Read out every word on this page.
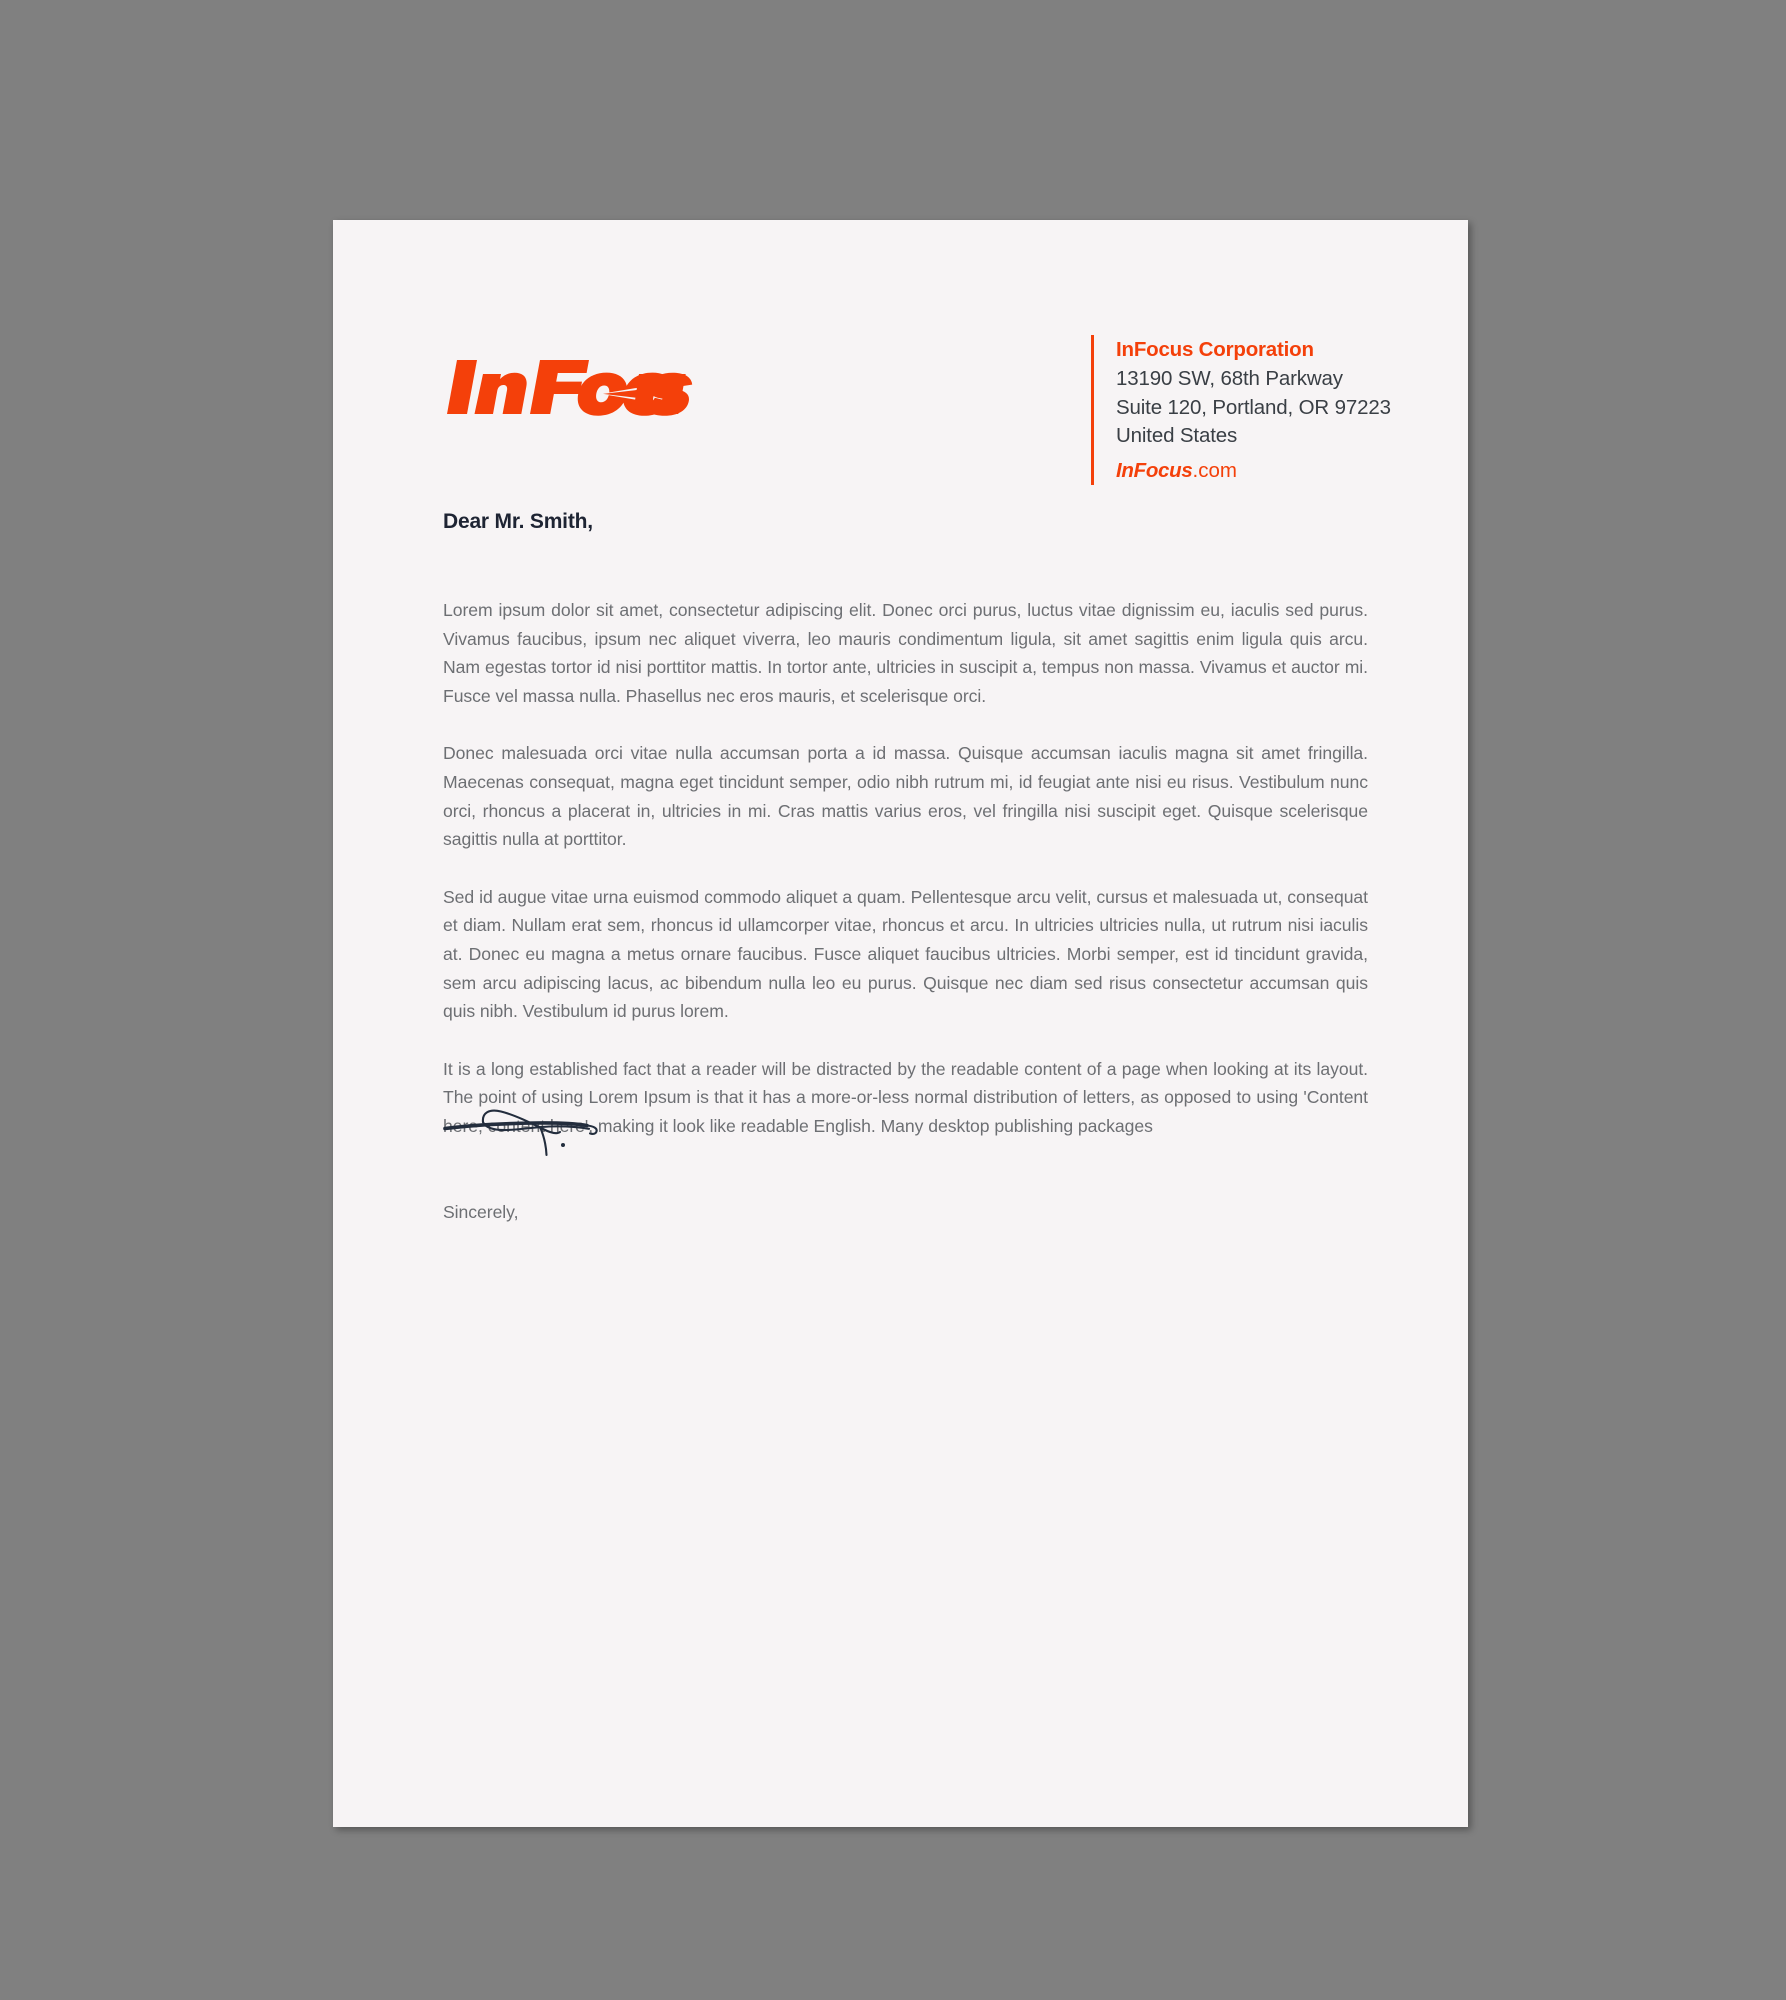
InFocus Corporation
13190 SW, 68th Parkway
Suite 120, Portland, OR 97223
United States
InFocus.com

Dear Mr. Smith,

Lorem ipsum dolor sit amet, consectetur adipiscing elit. Donec orci purus, luctus vitae dignissim eu, iaculis sed purus. Vivamus faucibus, ipsum nec aliquet viverra, leo mauris condimentum ligula, sit amet sagittis enim ligula quis arcu. Nam egestas tortor id nisi porttitor mattis. In tortor ante, ultricies in suscipit a, tempus non massa. Vivamus et auctor mi. Fusce vel massa nulla. Phasellus nec eros mauris, et scelerisque orci.

Donec malesuada orci vitae nulla accumsan porta a id massa. Quisque accumsan iaculis magna sit amet fringilla. Maecenas consequat, magna eget tincidunt semper, odio nibh rutrum mi, id feugiat ante nisi eu risus. Vestibulum nunc orci, rhoncus a placerat in, ultricies in mi. Cras mattis varius eros, vel fringilla nisi suscipit eget. Quisque scelerisque sagittis nulla at porttitor.

Sed id augue vitae urna euismod commodo aliquet a quam. Pellentesque arcu velit, cursus et malesuada ut, consequat et diam. Nullam erat sem, rhoncus id ullamcorper vitae, rhoncus et arcu. In ultricies ultricies nulla, ut rutrum nisi iaculis at. Donec eu magna a metus ornare faucibus. Fusce aliquet faucibus ultricies. Morbi semper, est id tincidunt gravida, sem arcu adipiscing lacus, ac bibendum nulla leo eu purus. Quisque nec diam sed risus consectetur accumsan quis quis nibh. Vestibulum id purus lorem.

It is a long established fact that a reader will be distracted by the readable content of a page when looking at its layout. The point of using Lorem Ipsum is that it has a more-or-less normal distribution of letters, as opposed to using 'Content here, content here', making it look like readable English. Many desktop publishing packages

Sincerely,
